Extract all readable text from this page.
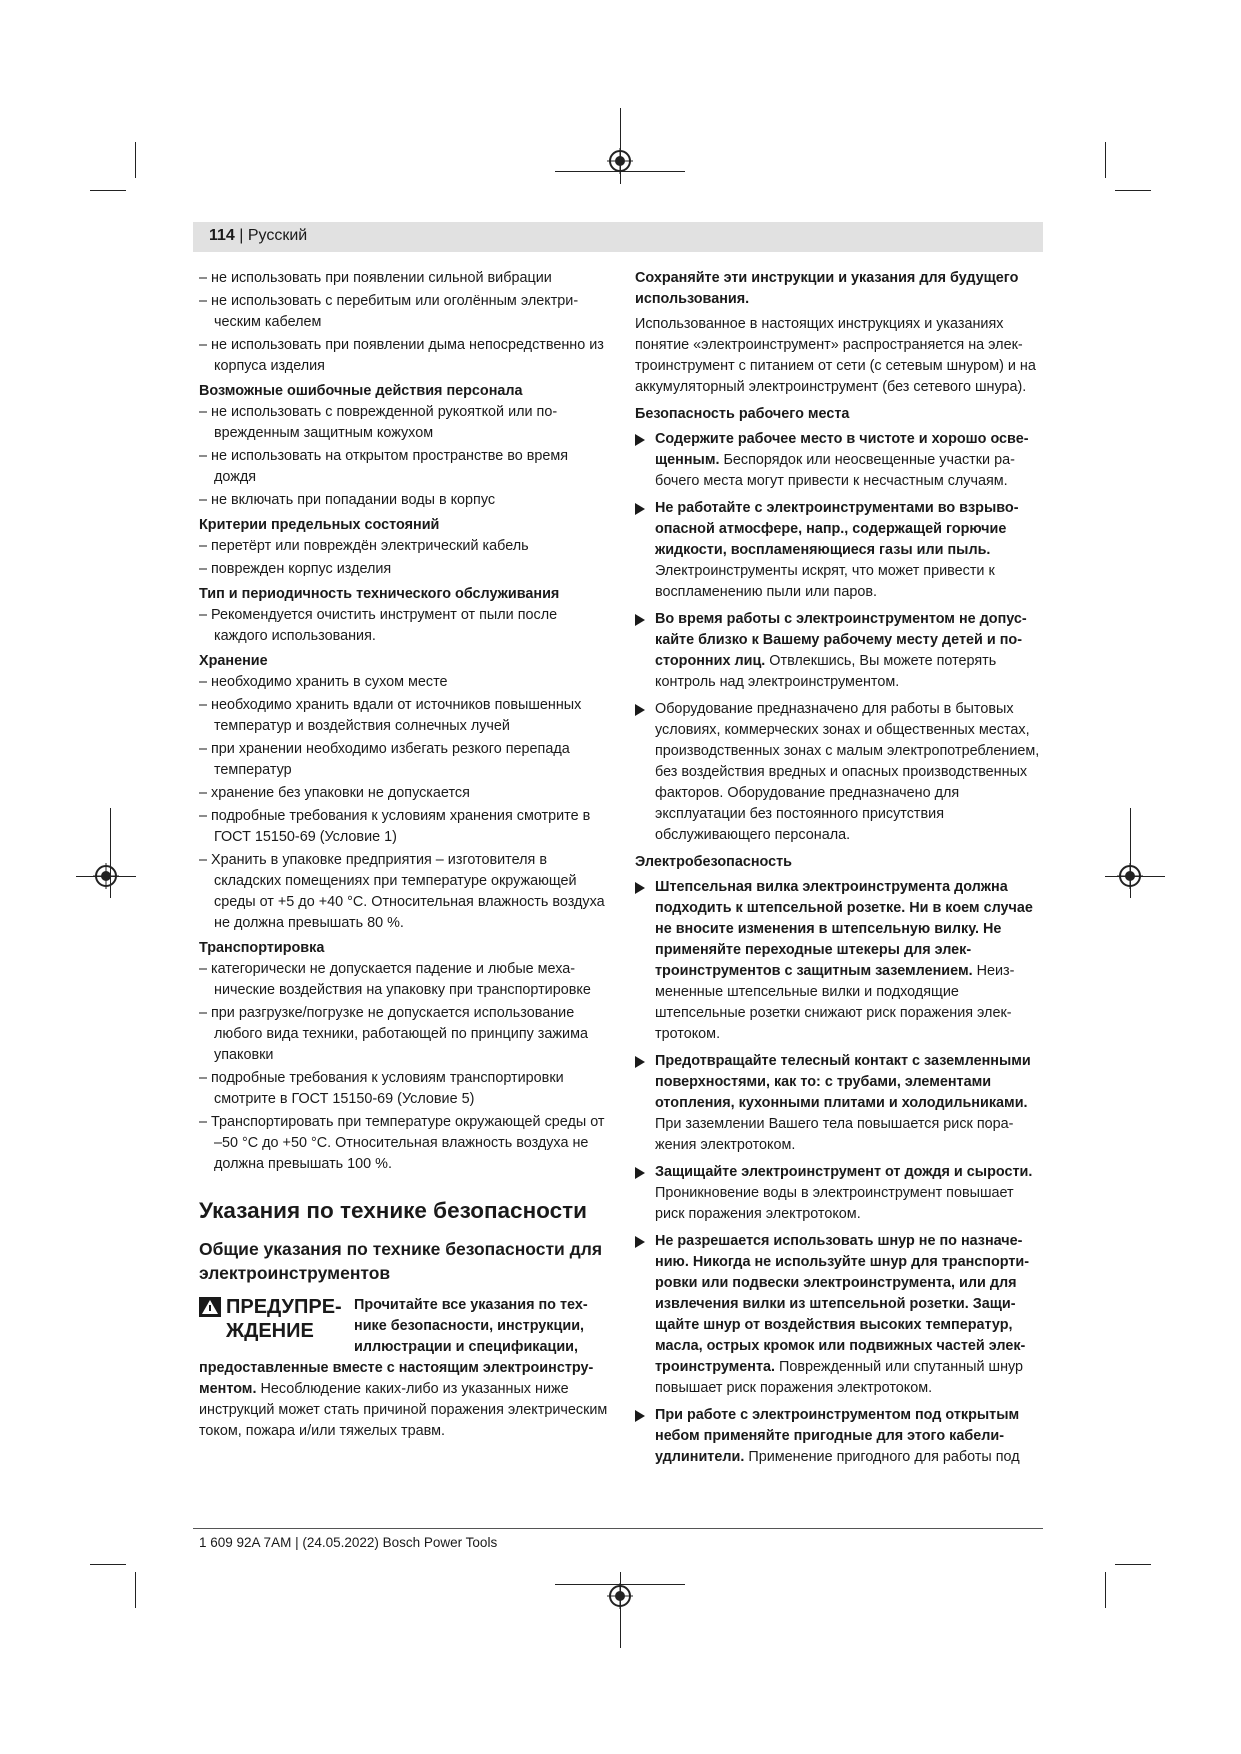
114 | Русский
– не использовать при появлении сильной вибрации
– не использовать с перебитым или оголённым электрическим кабелем
– не использовать при появлении дыма непосредственно из корпуса изделия
Возможные ошибочные действия персонала
– не использовать с поврежденной рукояткой или поврежденным защитным кожухом
– не использовать на открытом пространстве во время дождя
– не включать при попадании воды в корпус
Критерии предельных состояний
– перетёрт или повреждён электрический кабель
– поврежден корпус изделия
Тип и периодичность технического обслуживания
– Рекомендуется очистить инструмент от пыли после каждого использования.
Хранение
– необходимо хранить в сухом месте
– необходимо хранить вдали от источников повышенных температур и воздействия солнечных лучей
– при хранении необходимо избегать резкого перепада температур
– хранение без упаковки не допускается
– подробные требования к условиям хранения смотрите в ГОСТ 15150-69 (Условие 1)
– Хранить в упаковке предприятия – изготовителя в складских помещениях при температуре окружающей среды от +5 до +40 °C. Относительная влажность воздуха не должна превышать 80 %.
Транспортировка
– категорически не допускается падение и любые механические воздействия на упаковку при транспортировке
– при разгрузке/погрузке не допускается использование любого вида техники, работающей по принципу зажима упаковки
– подробные требования к условиям транспортировки смотрите в ГОСТ 15150-69 (Условие 5)
– Транспортировать при температуре окружающей среды от –50 °C до +50 °C. Относительная влажность воздуха не должна превышать 100 %.
Указания по технике безопасности
Общие указания по технике безопасности для электроинструментов
ПРЕДУПРЕЖДЕНИЕ
Прочитайте все указания по технике безопасности, инструкции, иллюстрации и спецификации,
предоставленные вместе с настоящим электроинструментом. Несоблюдение каких-либо из указанных ниже инструкций может стать причиной поражения электрическим током, пожара и/или тяжелых травм.
Сохраняйте эти инструкции и указания для будущего использования.
Использованное в настоящих инструкциях и указаниях понятие «электроинструмент» распространяется на электроинструмент с питанием от сети (с сетевым шнуром) и на аккумуляторный электроинструмент (без сетевого шнура).
Безопасность рабочего места
Содержите рабочее место в чистоте и хорошо освещенным. Беспорядок или неосвещенные участки рабочего места могут привести к несчастным случаям.
Не работайте с электроинструментами во взрывоопасной атмосфере, напр., содержащей горючие жидкости, воспламеняющиеся газы или пыль. Электроинструменты искрят, что может привести к воспламенению пыли или паров.
Во время работы с электроинструментом не допускайте близко к Вашему рабочему месту детей и посторонних лиц. Отвлекшись, Вы можете потерять контроль над электроинструментом.
Оборудование предназначено для работы в бытовых условиях, коммерческих зонах и общественных местах, производственных зонах с малым электропотреблением, без воздействия вредных и опасных производственных факторов. Оборудование предназначено для эксплуатации без постоянного присутствия обслуживающего персонала.
Электробезопасность
Штепсельная вилка электроинструмента должна подходить к штепсельной розетке. Ни в коем случае не вносите изменения в штепсельную вилку. Не применяйте переходные штекеры для электроинструментов с защитным заземлением. Неизмененные штепсельные вилки и подходящие штепсельные розетки снижают риск поражения электротоком.
Предотвращайте телесный контакт с заземленными поверхностями, как то: с трубами, элементами отопления, кухонными плитами и холодильниками. При заземлении Вашего тела повышается риск поражения электротоком.
Защищайте электроинструмент от дождя и сырости. Проникновение воды в электроинструмент повышает риск поражения электротоком.
Не разрешается использовать шнур не по назначению. Никогда не используйте шнур для транспортировки или подвески электроинструмента, или для извлечения вилки из штепсельной розетки. Защищайте шнур от воздействия высоких температур, масла, острых кромок или подвижных частей электроинструмента. Поврежденный или спутанный шнур повышает риск поражения электротоком.
При работе с электроинструментом под открытым небом применяйте пригодные для этого кабелиудлинители. Применение пригодного для работы под
1 609 92A 7AM | (24.05.2022) Bosch Power Tools
